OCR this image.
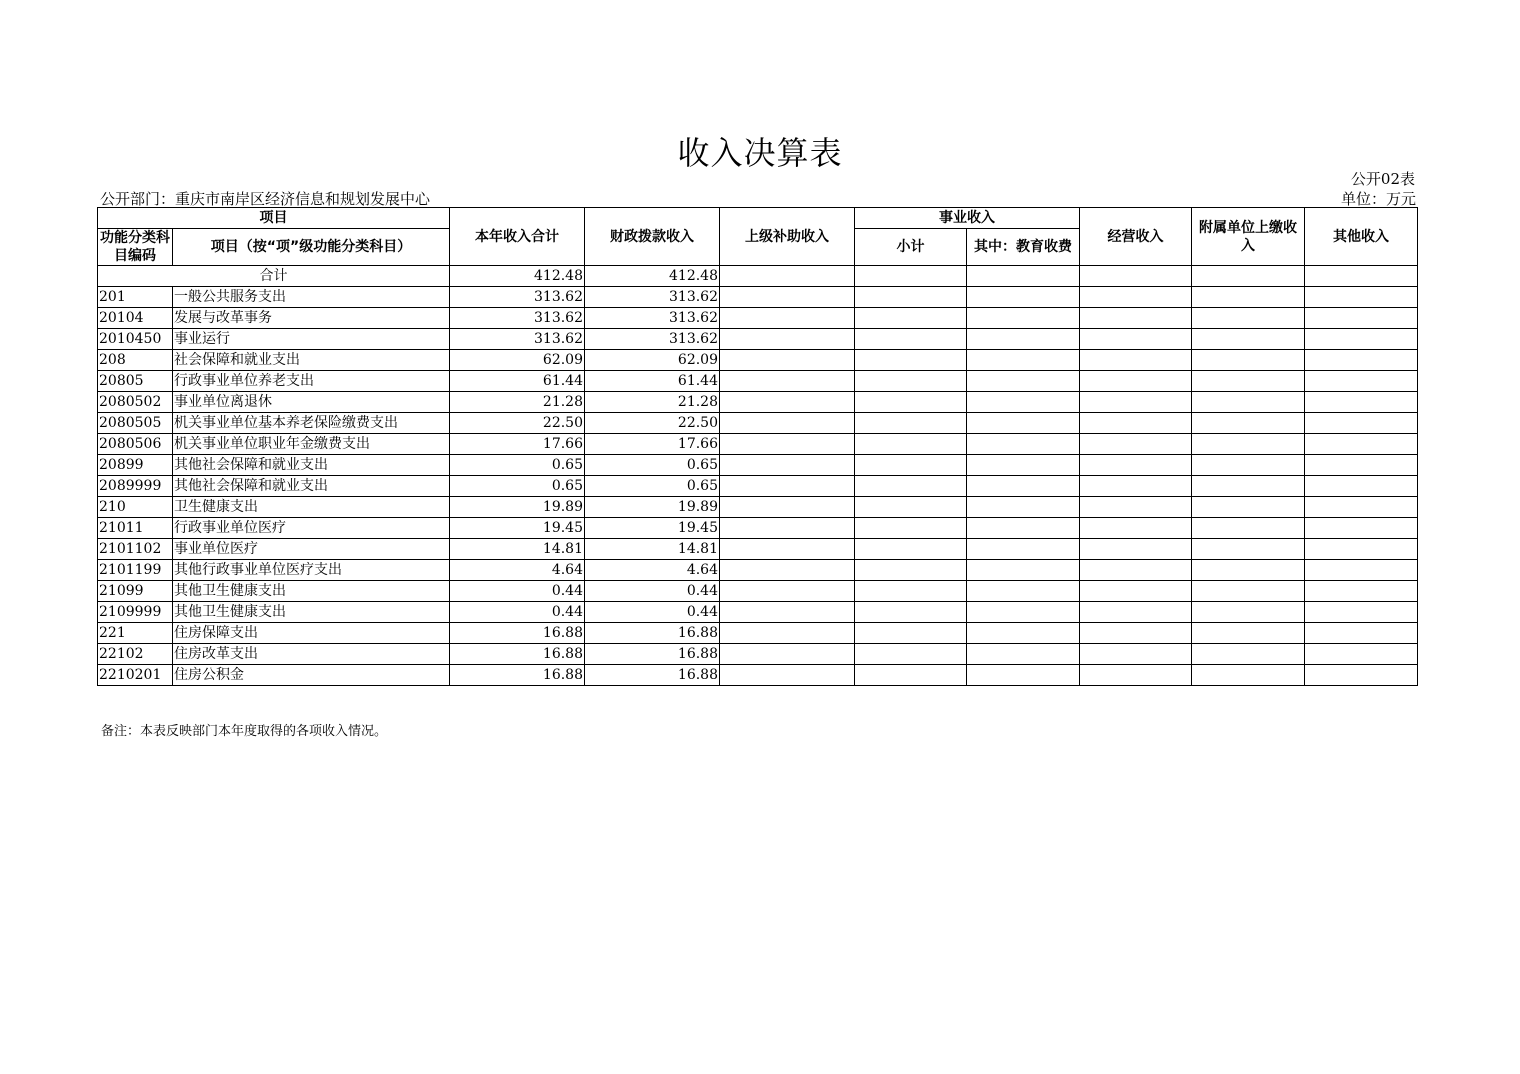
收入决算表
公开02表
公开部门：重庆市南岸区经济信息和规划发展中心	单位：万元
项目		本年收入合计	财政拨款收入	上级补助收入	事业收入		经营收入	附属单位上缴收入	其他收入
功能分类科目编码	项目（按“项”级功能分类科目）				小计	其中：教育收费			
合计		412.48	412.48						
201	一般公共服务支出	313.62	313.62						
20104	发展与改革事务	313.62	313.62						
2010450	事业运行	313.62	313.62						
208	社会保障和就业支出	62.09	62.09						
20805	行政事业单位养老支出	61.44	61.44						
2080502	事业单位离退休	21.28	21.28						
2080505	机关事业单位基本养老保险缴费支出	22.50	22.50						
2080506	机关事业单位职业年金缴费支出	17.66	17.66						
20899	其他社会保障和就业支出	0.65	0.65						
2089999	其他社会保障和就业支出	0.65	0.65						
210	卫生健康支出	19.89	19.89						
21011	行政事业单位医疗	19.45	19.45						
2101102	事业单位医疗	14.81	14.81						
2101199	其他行政事业单位医疗支出	4.64	4.64						
21099	其他卫生健康支出	0.44	0.44						
2109999	其他卫生健康支出	0.44	0.44						
221	住房保障支出	16.88	16.88						
22102	住房改革支出	16.88	16.88						
2210201	住房公积金	16.88	16.88						
备注：本表反映部门本年度取得的各项收入情况。
